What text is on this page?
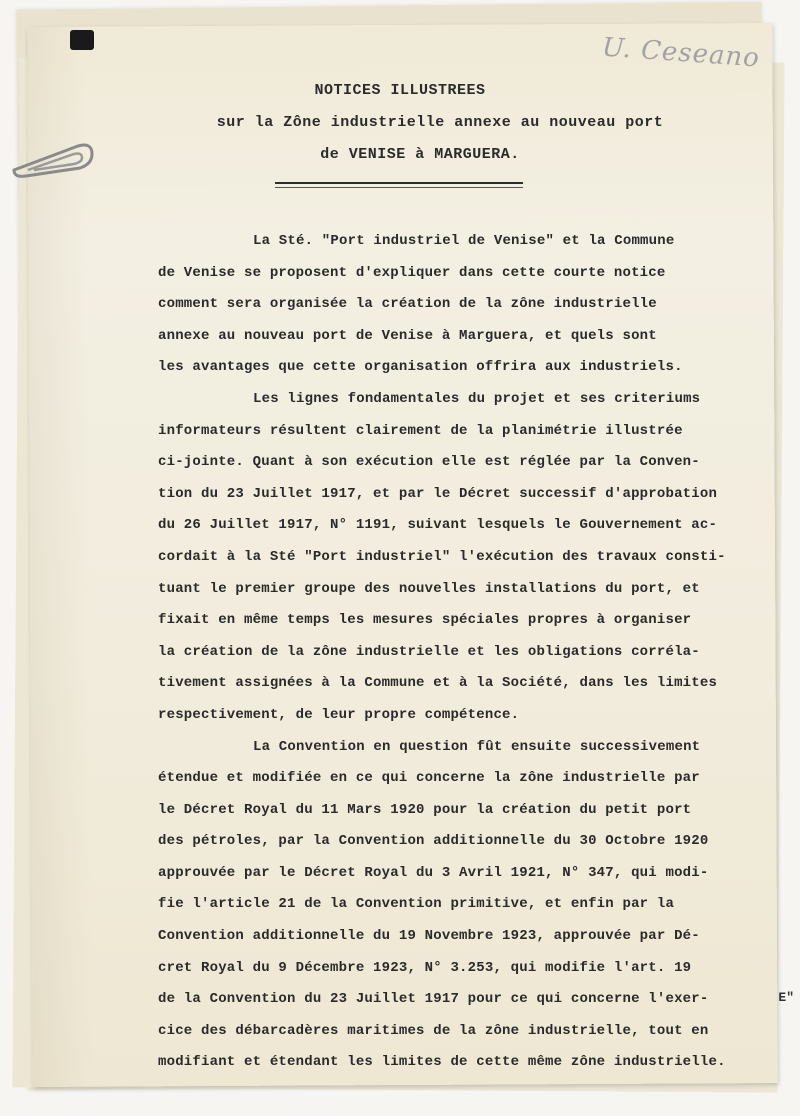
U. Ceseano
NOTICES ILLUSTREES
sur la Zône industrielle annexe au nouveau port
de VENISE à MARGUERA.
La Sté. "Port industriel de Venise" et la Commune
de Venise se proposent d'expliquer dans cette courte notice
comment sera organisée la création de la zône industrielle
annexe au nouveau port de Venise à Marguera, et quels sont
les avantages que cette organisation offrira aux industriels.
Les lignes fondamentales du projet et ses criteriums
informateurs résultent clairement de la planimétrie illustrée
ci-jointe. Quant à son exécution elle est réglée par la Conven-
tion du 23 Juillet 1917, et par le Décret successif d'approbation
du 26 Juillet 1917, N° 1191, suivant lesquels le Gouvernement ac-
cordait à la Sté "Port industriel" l'exécution des travaux consti-
tuant le premier groupe des nouvelles installations du port, et
fixait en même temps les mesures spéciales propres à organiser
la création de la zône industrielle et les obligations corréla-
tivement assignées à la Commune et à la Société, dans les limites
respectivement, de leur propre compétence.
La Convention en question fût ensuite successivement
étendue et modifiée en ce qui concerne la zône industrielle par
le Décret Royal du 11 Mars 1920 pour la création du petit port
des pétroles, par la Convention additionnelle du 30 Octobre 1920
approuvée par le Décret Royal du 3 Avril 1921, N° 347, qui modi-
fie l'article 21 de la Convention primitive, et enfin par la
Convention additionnelle du 19 Novembre 1923, approuvée par Dé-
cret Royal du 9 Décembre 1923, N° 3.253, qui modifie l'art. 19
de la Convention du 23 Juillet 1917 pour ce qui concerne l'exer-
cice des débarcadères maritimes de la zône industrielle, tout en
modifiant et étendant les limites de cette même zône industrielle.
E"
